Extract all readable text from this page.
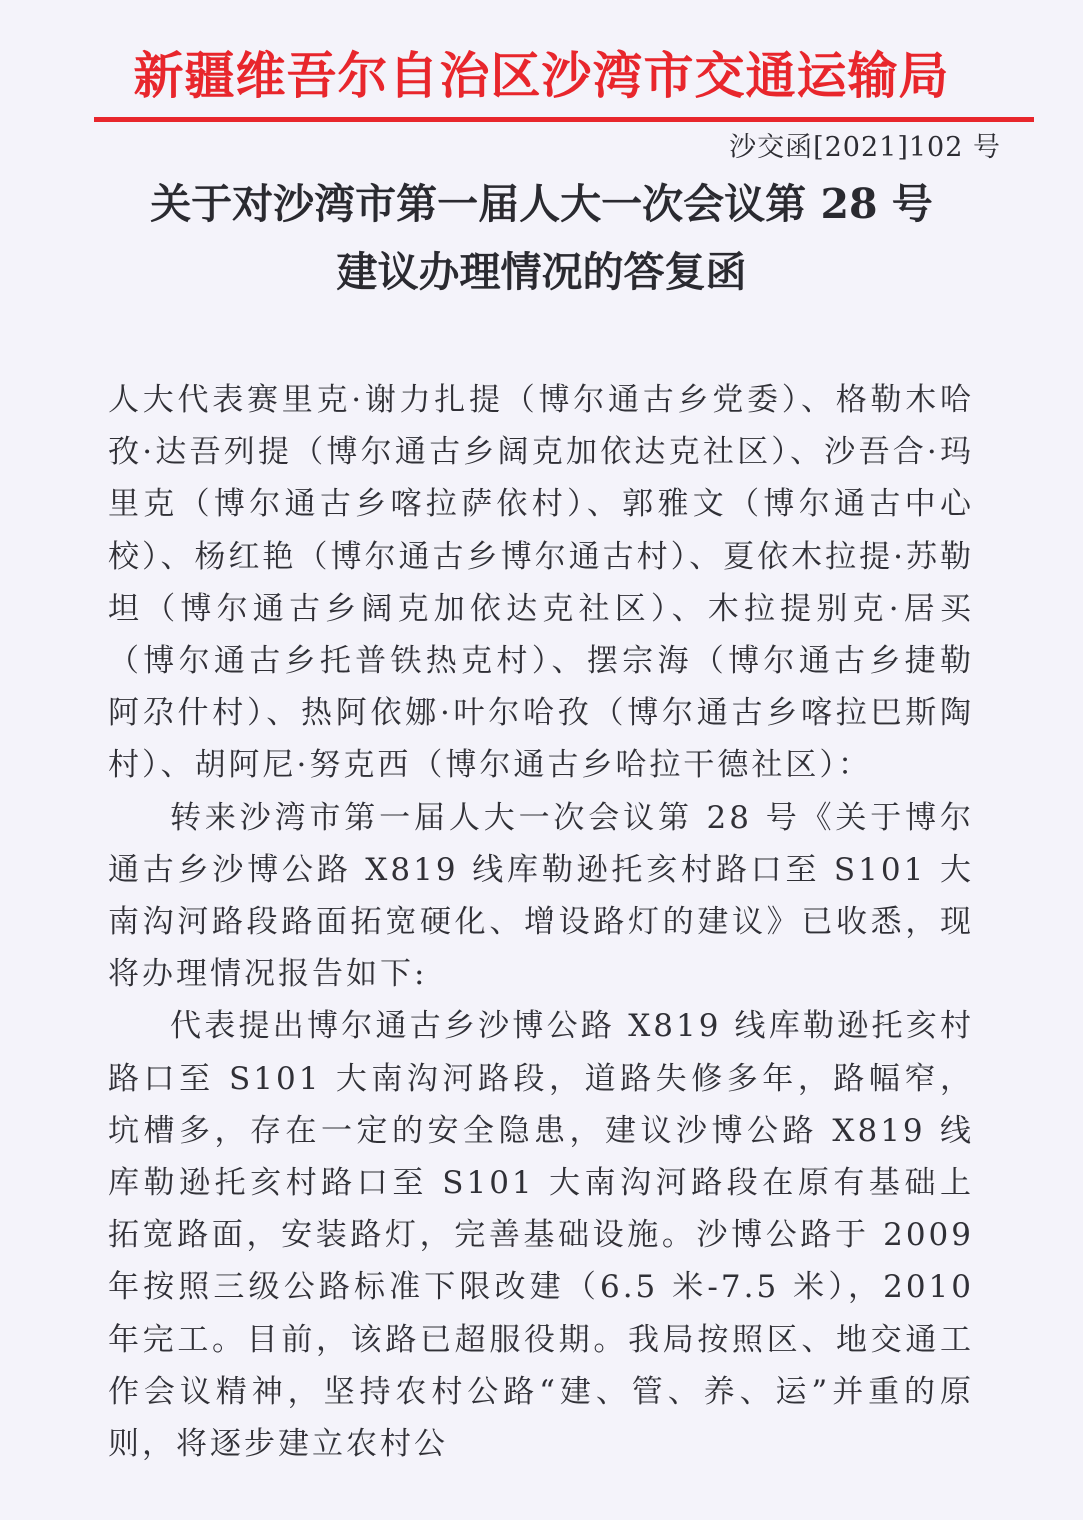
新疆维吾尔自治区沙湾市交通运输局
沙交函[2021]102 号
关于对沙湾市第一届人大一次会议第 28 号
建议办理情况的答复函

人大代表赛里克·谢力扎提（博尔通古乡党委）、格勒木哈孜·达吾列提（博尔通古乡阔克加依达克社区）、沙吾合·玛里克（博尔通古乡喀拉萨依村）、郭雅文（博尔通古中心校）、杨红艳（博尔通古乡博尔通古村）、夏依木拉提·苏勒坦（博尔通古乡阔克加依达克社区）、木拉提别克·居买（博尔通古乡托普铁热克村）、摆宗海（博尔通古乡捷勒阿尕什村）、热阿依娜·叶尔哈孜（博尔通古乡喀拉巴斯陶村）、胡阿尼·努克西（博尔通古乡哈拉干德社区）：

转来沙湾市第一届人大一次会议第 28 号《关于博尔通古乡沙博公路 X819 线库勒逊托亥村路口至 S101 大南沟河路段路面拓宽硬化、增设路灯的建议》已收悉，现将办理情况报告如下:

代表提出博尔通古乡沙博公路 X819 线库勒逊托亥村路口至 S101 大南沟河路段，道路失修多年，路幅窄，坑槽多，存在一定的安全隐患，建议沙博公路 X819 线库勒逊托亥村路口至 S101 大南沟河路段在原有基础上拓宽路面，安装路灯，完善基础设施。沙博公路于 2009 年按照三级公路标准下限改建（6.5 米-7.5 米），2010 年完工。目前，该路已超服役期。我局按照区、地交通工作会议精神，坚持农村公路“建、管、养、运”并重的原则，将逐步建立农村公
